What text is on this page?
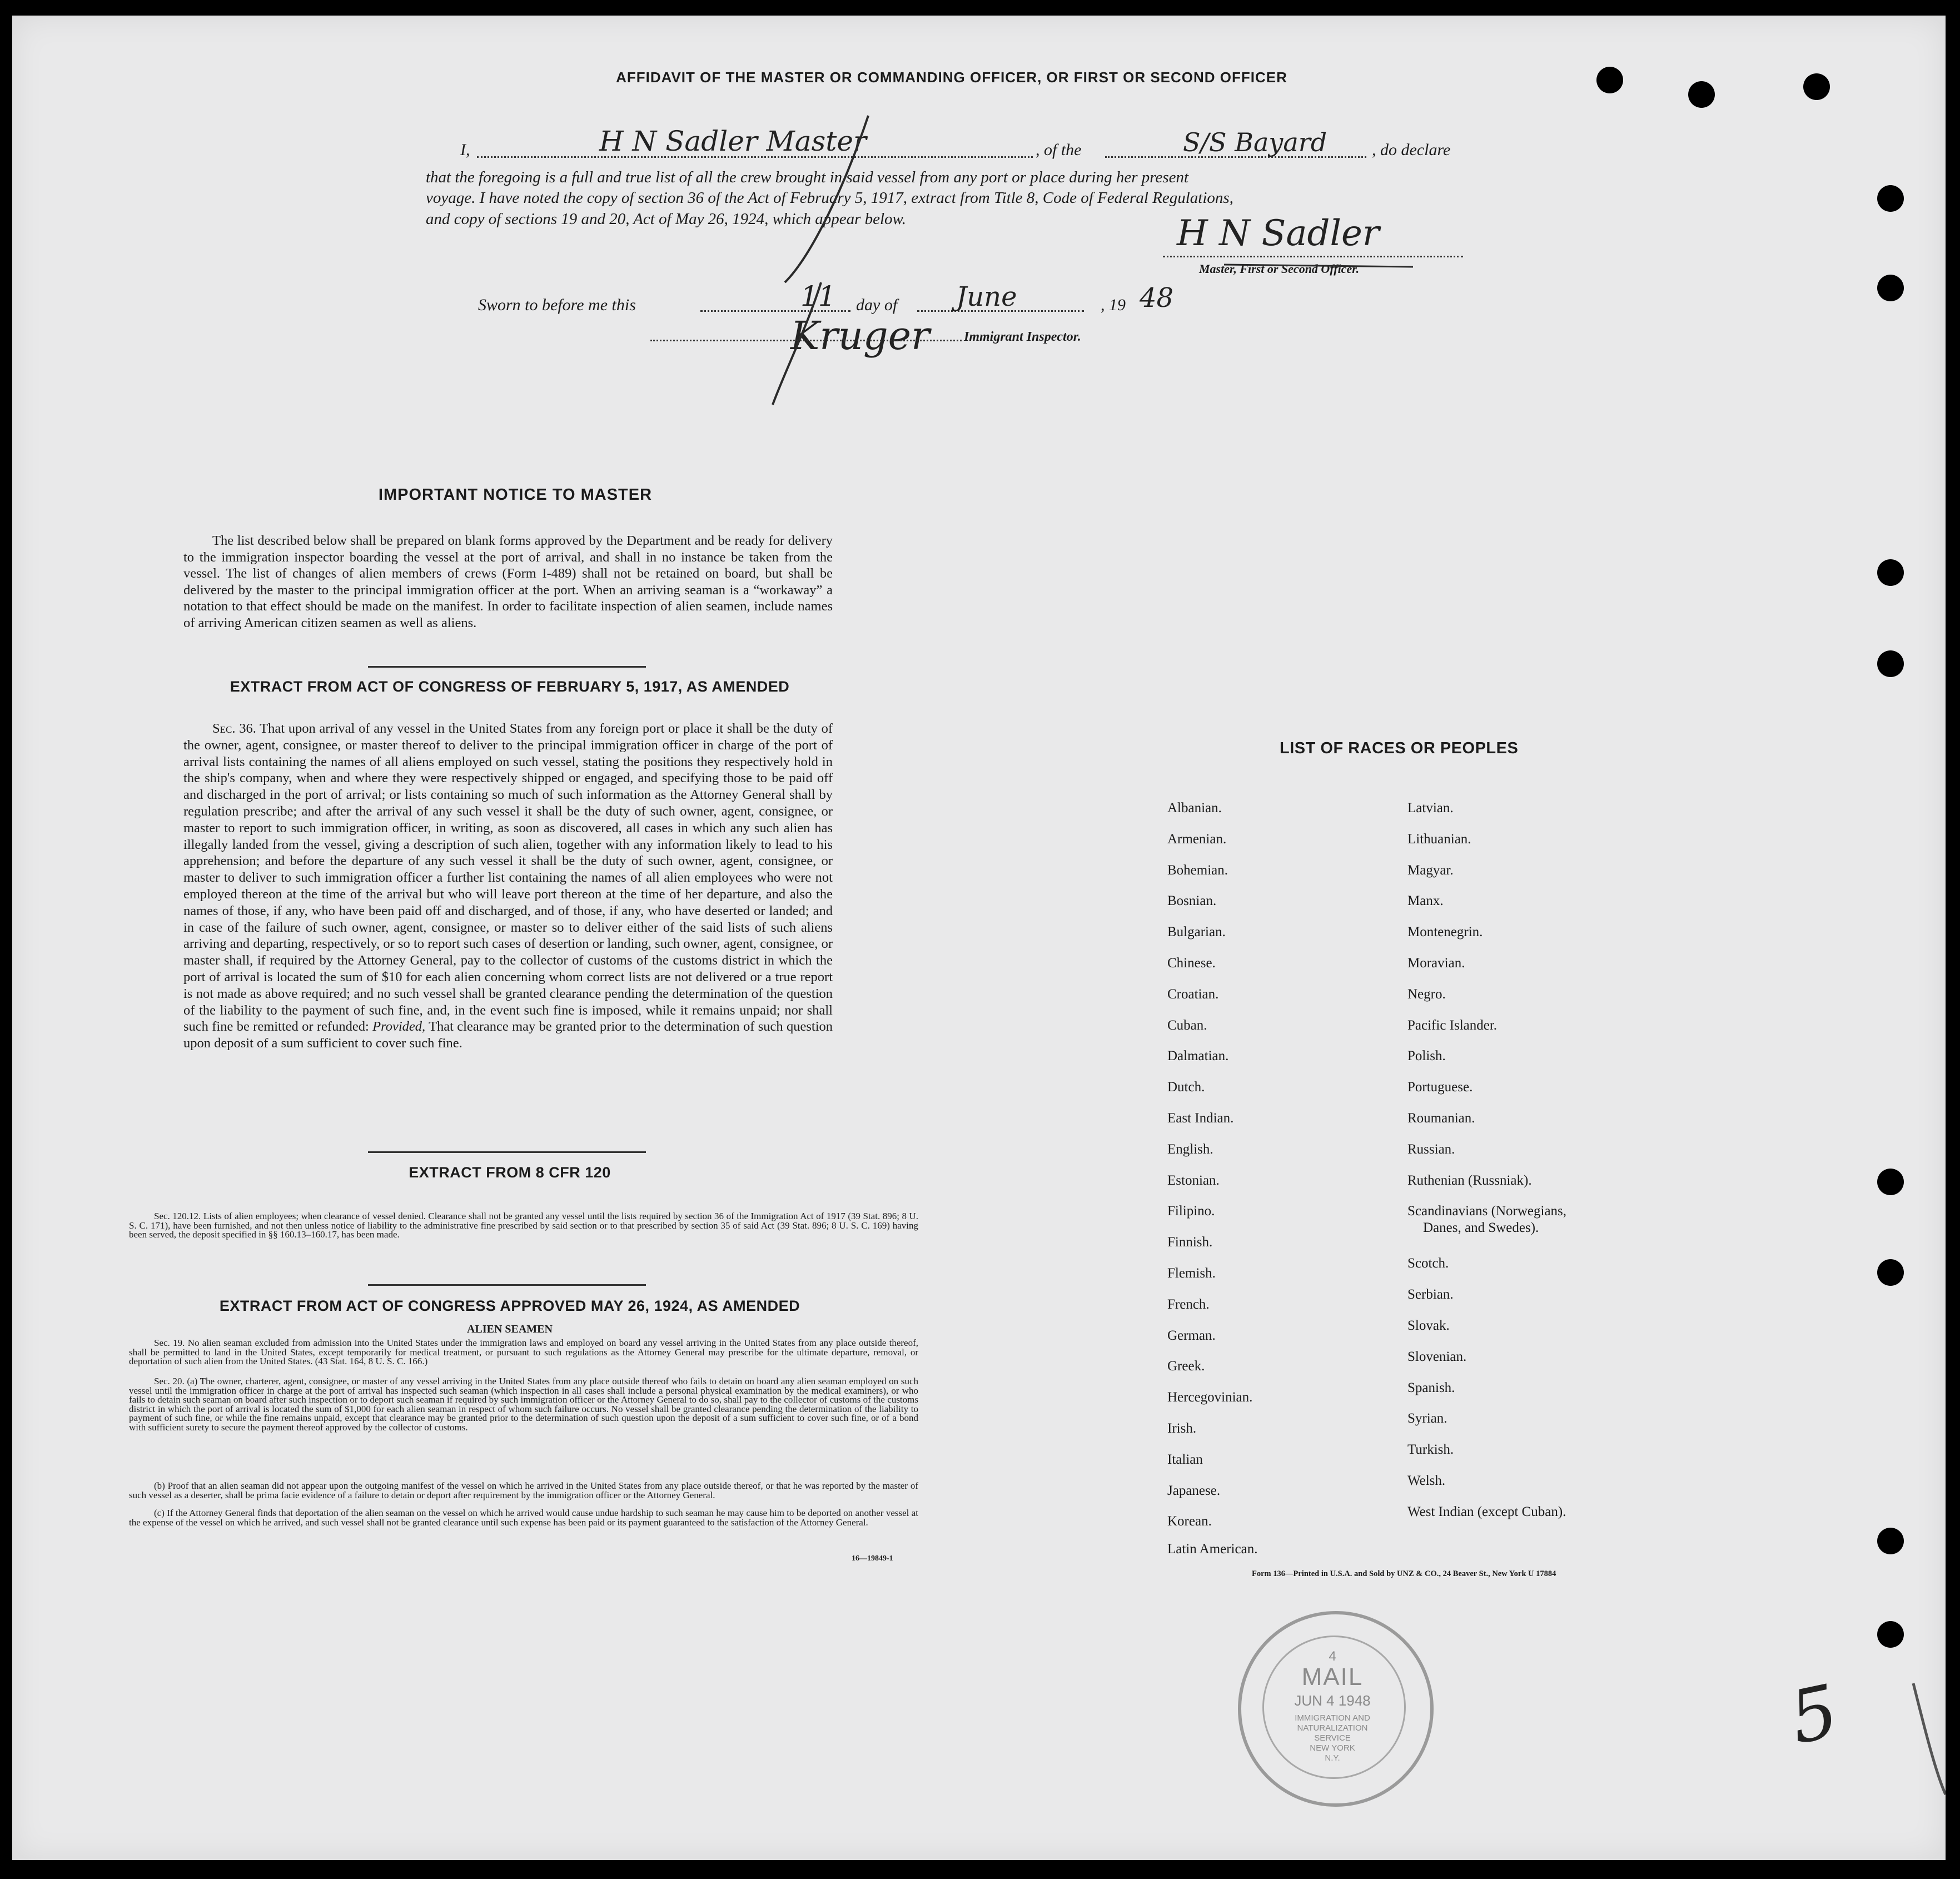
AFFIDAVIT OF THE MASTER OR COMMANDING OFFICER, OR FIRST OR SECOND OFFICER
I,	H N Sadler Master	, of the	S/S Bayard	, do declare
that the foregoing is a full and true list of all the crew brought in said vessel from any port or place during her present
voyage. I have noted the copy of section 36 of the Act of February 5, 1917, extract from Title 8, Code of Federal Regulations,
and copy of sections 19 and 20, Act of May 26, 1924, which appear below.	H N Sadler
Master, First or Second Officer.
Sworn to before me this	11 day of June	, 19 48
Kruger	Immigrant Inspector.
IMPORTANT NOTICE TO MASTER
The list described below shall be prepared on blank forms approved by the Department and be ready for delivery to the immigration inspector boarding the vessel at the port of arrival, and shall in no instance be taken from the vessel. The list of changes of alien members of crews (Form I-489) shall not be retained on board, but shall be delivered by the master to the principal immigration officer at the port. When an arriving seaman is a “workaway” a notation to that effect should be made on the manifest. In order to facilitate inspection of alien seamen, include names of arriving American citizen seamen as well as aliens.
EXTRACT FROM ACT OF CONGRESS OF FEBRUARY 5, 1917, AS AMENDED
Sec. 36. That upon arrival of any vessel in the United States from any foreign port or place it shall be the duty of the owner, agent, consignee, or master thereof to deliver to the principal immigration officer in charge of the port of arrival lists containing the names of all aliens employed on such vessel, stating the positions they respectively hold in the ship's company, when and where they were respectively shipped or engaged, and specifying those to be paid off and discharged in the port of arrival; or lists containing so much of such information as the Attorney General shall by regulation prescribe; and after the arrival of any such vessel it shall be the duty of such owner, agent, consignee, or master to report to such immigration officer, in writing, as soon as discovered, all cases in which any such alien has illegally landed from the vessel, giving a description of such alien, together with any information likely to lead to his apprehension; and before the departure of any such vessel it shall be the duty of such owner, agent, consignee, or master to deliver to such immigration officer a further list containing the names of all alien employees who were not employed thereon at the time of the arrival but who will leave port thereon at the time of her departure, and also the names of those, if any, who have been paid off and discharged, and of those, if any, who have deserted or landed; and in case of the failure of such owner, agent, consignee, or master so to deliver either of the said lists of such aliens arriving and departing, respectively, or so to report such cases of desertion or landing, such owner, agent, consignee, or master shall, if required by the Attorney General, pay to the collector of customs of the customs district in which the port of arrival is located the sum of $10 for each alien concerning whom correct lists are not delivered or a true report is not made as above required; and no such vessel shall be granted clearance pending the determination of the question of the liability to the payment of such fine, and, in the event such fine is imposed, while it remains unpaid; nor shall such fine be remitted or refunded: Provided, That clearance may be granted prior to the determination of such question upon deposit of a sum sufficient to cover such fine.
EXTRACT FROM 8 CFR 120
Sec. 120.12. Lists of alien employees; when clearance of vessel denied. Clearance shall not be granted any vessel until the lists required by section 36 of the Immigration Act of 1917 (39 Stat. 896; 8 U. S. C. 171), have been furnished, and not then unless notice of liability to the administrative fine prescribed by said section or to that prescribed by section 35 of said Act (39 Stat. 896; 8 U. S. C. 169) having been served, the deposit specified in §§ 160.13–160.17, has been made.
EXTRACT FROM ACT OF CONGRESS APPROVED MAY 26, 1924, AS AMENDED
ALIEN SEAMEN
Sec. 19. No alien seaman excluded from admission into the United States under the immigration laws and employed on board any vessel arriving in the United States from any place outside thereof, shall be permitted to land in the United States, except temporarily for medical treatment, or pursuant to such regulations as the Attorney General may prescribe for the ultimate departure, removal, or deportation of such alien from the United States. (43 Stat. 164, 8 U. S. C. 166.)
Sec. 20. (a) The owner, charterer, agent, consignee, or master of any vessel arriving in the United States from any place outside thereof who fails to detain on board any alien seaman employed on such vessel until the immigration officer in charge at the port of arrival has inspected such seaman (which inspection in all cases shall include a personal physical examination by the medical examiners), or who fails to detain such seaman on board after such inspection or to deport such seaman if required by such immigration officer or the Attorney General to do so, shall pay to the collector of customs of the customs district in which the port of arrival is located the sum of $1,000 for each alien seaman in respect of whom such failure occurs. No vessel shall be granted clearance pending the determination of the liability to payment of such fine, or while the fine remains unpaid, except that clearance may be granted prior to the determination of such question upon the deposit of a sum sufficient to cover such fine, or of a bond with sufficient surety to secure the payment thereof approved by the collector of customs.
(b) Proof that an alien seaman did not appear upon the outgoing manifest of the vessel on which he arrived in the United States from any place outside thereof, or that he was reported by the master of such vessel as a deserter, shall be prima facie evidence of a failure to detain or deport after requirement by the immigration officer or the Attorney General.
(c) If the Attorney General finds that deportation of the alien seaman on the vessel on which he arrived would cause undue hardship to such seaman he may cause him to be deported on another vessel at the expense of the vessel on which he arrived, and such vessel shall not be granted clearance until such expense has been paid or its payment guaranteed to the satisfaction of the Attorney General.
16—19849-1
LIST OF RACES OR PEOPLES
Form 136—Printed in U.S.A. and Sold by UNZ & CO., 24 Beaver St., New York U 17884
4
MAIL
JUN 4 1948
IMMIGRATION AND
NATURALIZATION
SERVICE
NEW YORK
N.Y.	5
Albanian.
Armenian.
Bohemian.
Bosnian.
Bulgarian.
Chinese.
Croatian.
Cuban.
Dalmatian.
Dutch.
East Indian.
English.
Estonian.
Filipino.
Finnish.
Flemish.
French.
German.
Greek.
Hercegovinian.
Irish.
Italian
Japanese.
Korean.
Latin American.
Latvian.
Lithuanian.
Magyar.
Manx.
Montenegrin.
Moravian.
Negro.
Pacific Islander.
Polish.
Portuguese.
Roumanian.
Russian.
Ruthenian (Russniak).
Scandinavians (Norwegians,
Danes, and Swedes).
Scotch.
Serbian.
Slovak.
Slovenian.
Spanish.
Syrian.
Turkish.
Welsh.
West Indian (except Cuban).
